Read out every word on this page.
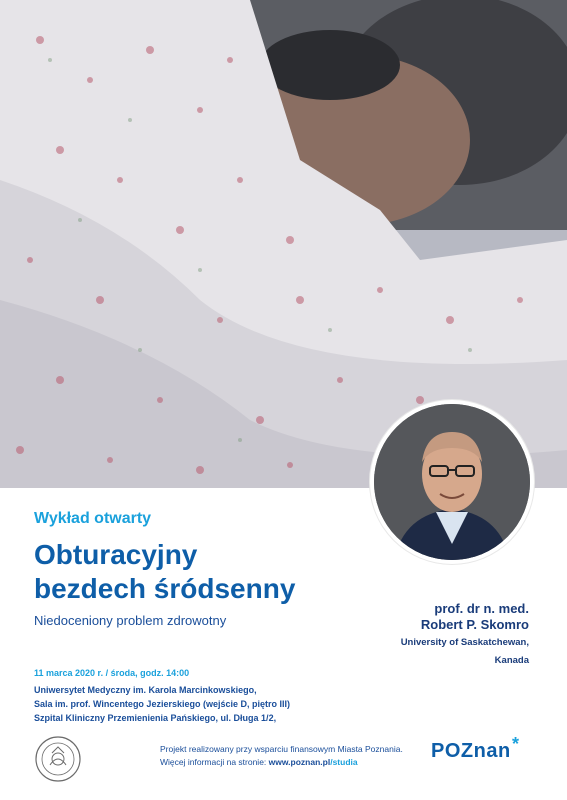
Wykład otwarty
Obturacyjny
bezdech śródsenny
Niedoceniony problem zdrowotny
prof. dr n. med.
Robert P. Skomro
University of Saskatchewan,
Kanada
11 marca 2020 r. / środa, godz. 14:00
Uniwersytet Medyczny im. Karola Marcinkowskiego,
Sala im. prof. Wincentego Jezierskiego (wejście D, piętro III)
Szpital Kliniczny Przemienienia Pańskiego, ul. Długa 1/2,
Projekt realizowany przy wsparciu finansowym Miasta Poznania.
Więcej informacji na stronie: www.poznan.pl/studia	POZnan *
